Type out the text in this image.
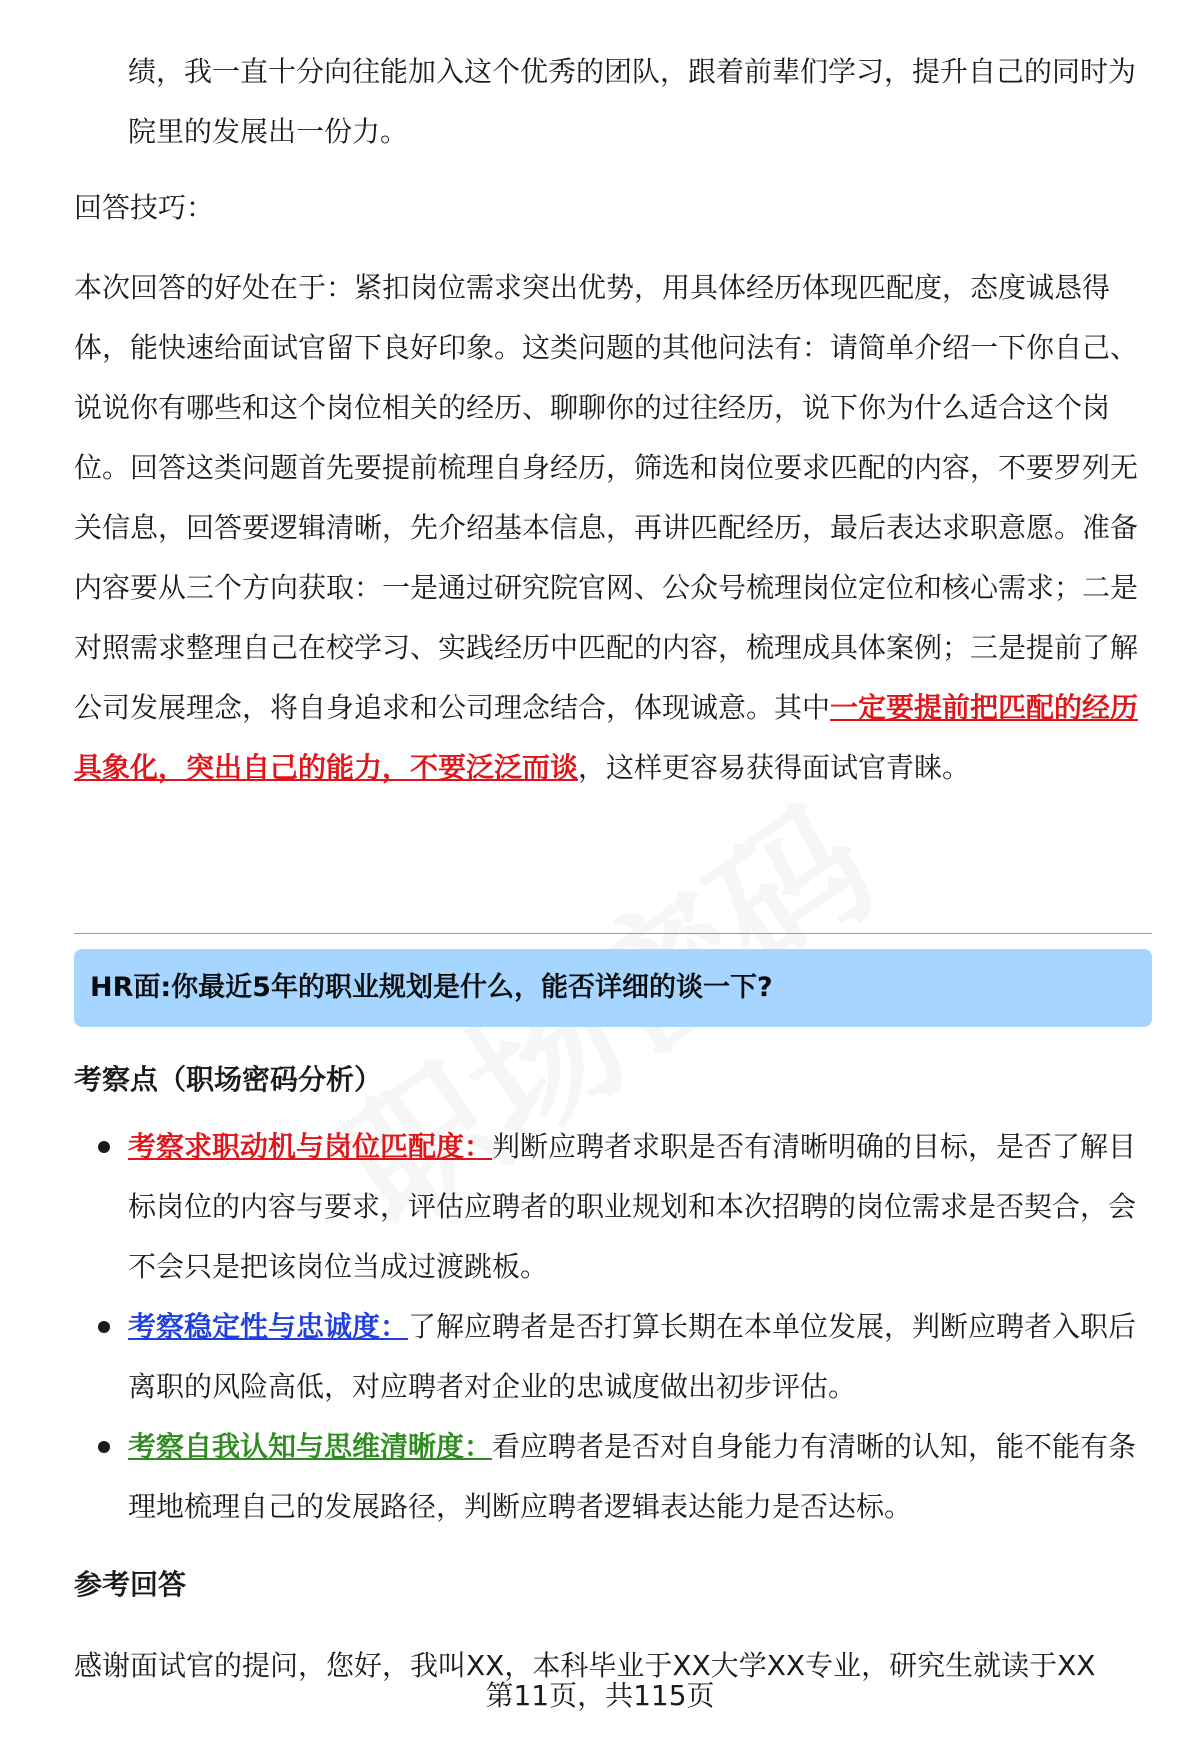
绩，我一直十分向往能加入这个优秀的团队，跟着前辈们学习，提升自己的同时为院里的发展出一份力。

回答技巧：

本次回答的好处在于：紧扣岗位需求突出优势，用具体经历体现匹配度，态度诚恳得体，能快速给面试官留下良好印象。这类问题的其他问法有：请简单介绍一下你自己、说说你有哪些和这个岗位相关的经历、聊聊你的过往经历，说下你为什么适合这个岗位。回答这类问题首先要提前梳理自身经历，筛选和岗位要求匹配的内容，不要罗列无关信息，回答要逻辑清晰，先介绍基本信息，再讲匹配经历，最后表达求职意愿。准备内容要从三个方向获取：一是通过研究院官网、公众号梳理岗位定位和核心需求；二是对照需求整理自己在校学习、实践经历中匹配的内容，梳理成具体案例；三是提前了解公司发展理念，将自身追求和公司理念结合，体现诚意。其中一定要提前把匹配的经历具象化，突出自己的能力，不要泛泛而谈，这样更容易获得面试官青睐。

HR面:你最近5年的职业规划是什么，能否详细的谈一下?

考察点（职场密码分析）

考察求职动机与岗位匹配度：判断应聘者求职是否有清晰明确的目标，是否了解目标岗位的内容与要求，评估应聘者的职业规划和本次招聘的岗位需求是否契合，会不会只是把该岗位当成过渡跳板。

考察稳定性与忠诚度：了解应聘者是否打算长期在本单位发展，判断应聘者入职后离职的风险高低，对应聘者对企业的忠诚度做出初步评估。

考察自我认知与思维清晰度：看应聘者是否对自身能力有清晰的认知，能不能有条理地梳理自己的发展路径，判断应聘者逻辑表达能力是否达标。

参考回答

感谢面试官的提问，您好，我叫XX，本科毕业于XX大学XX专业，研究生就读于XX

第11页，共115页
